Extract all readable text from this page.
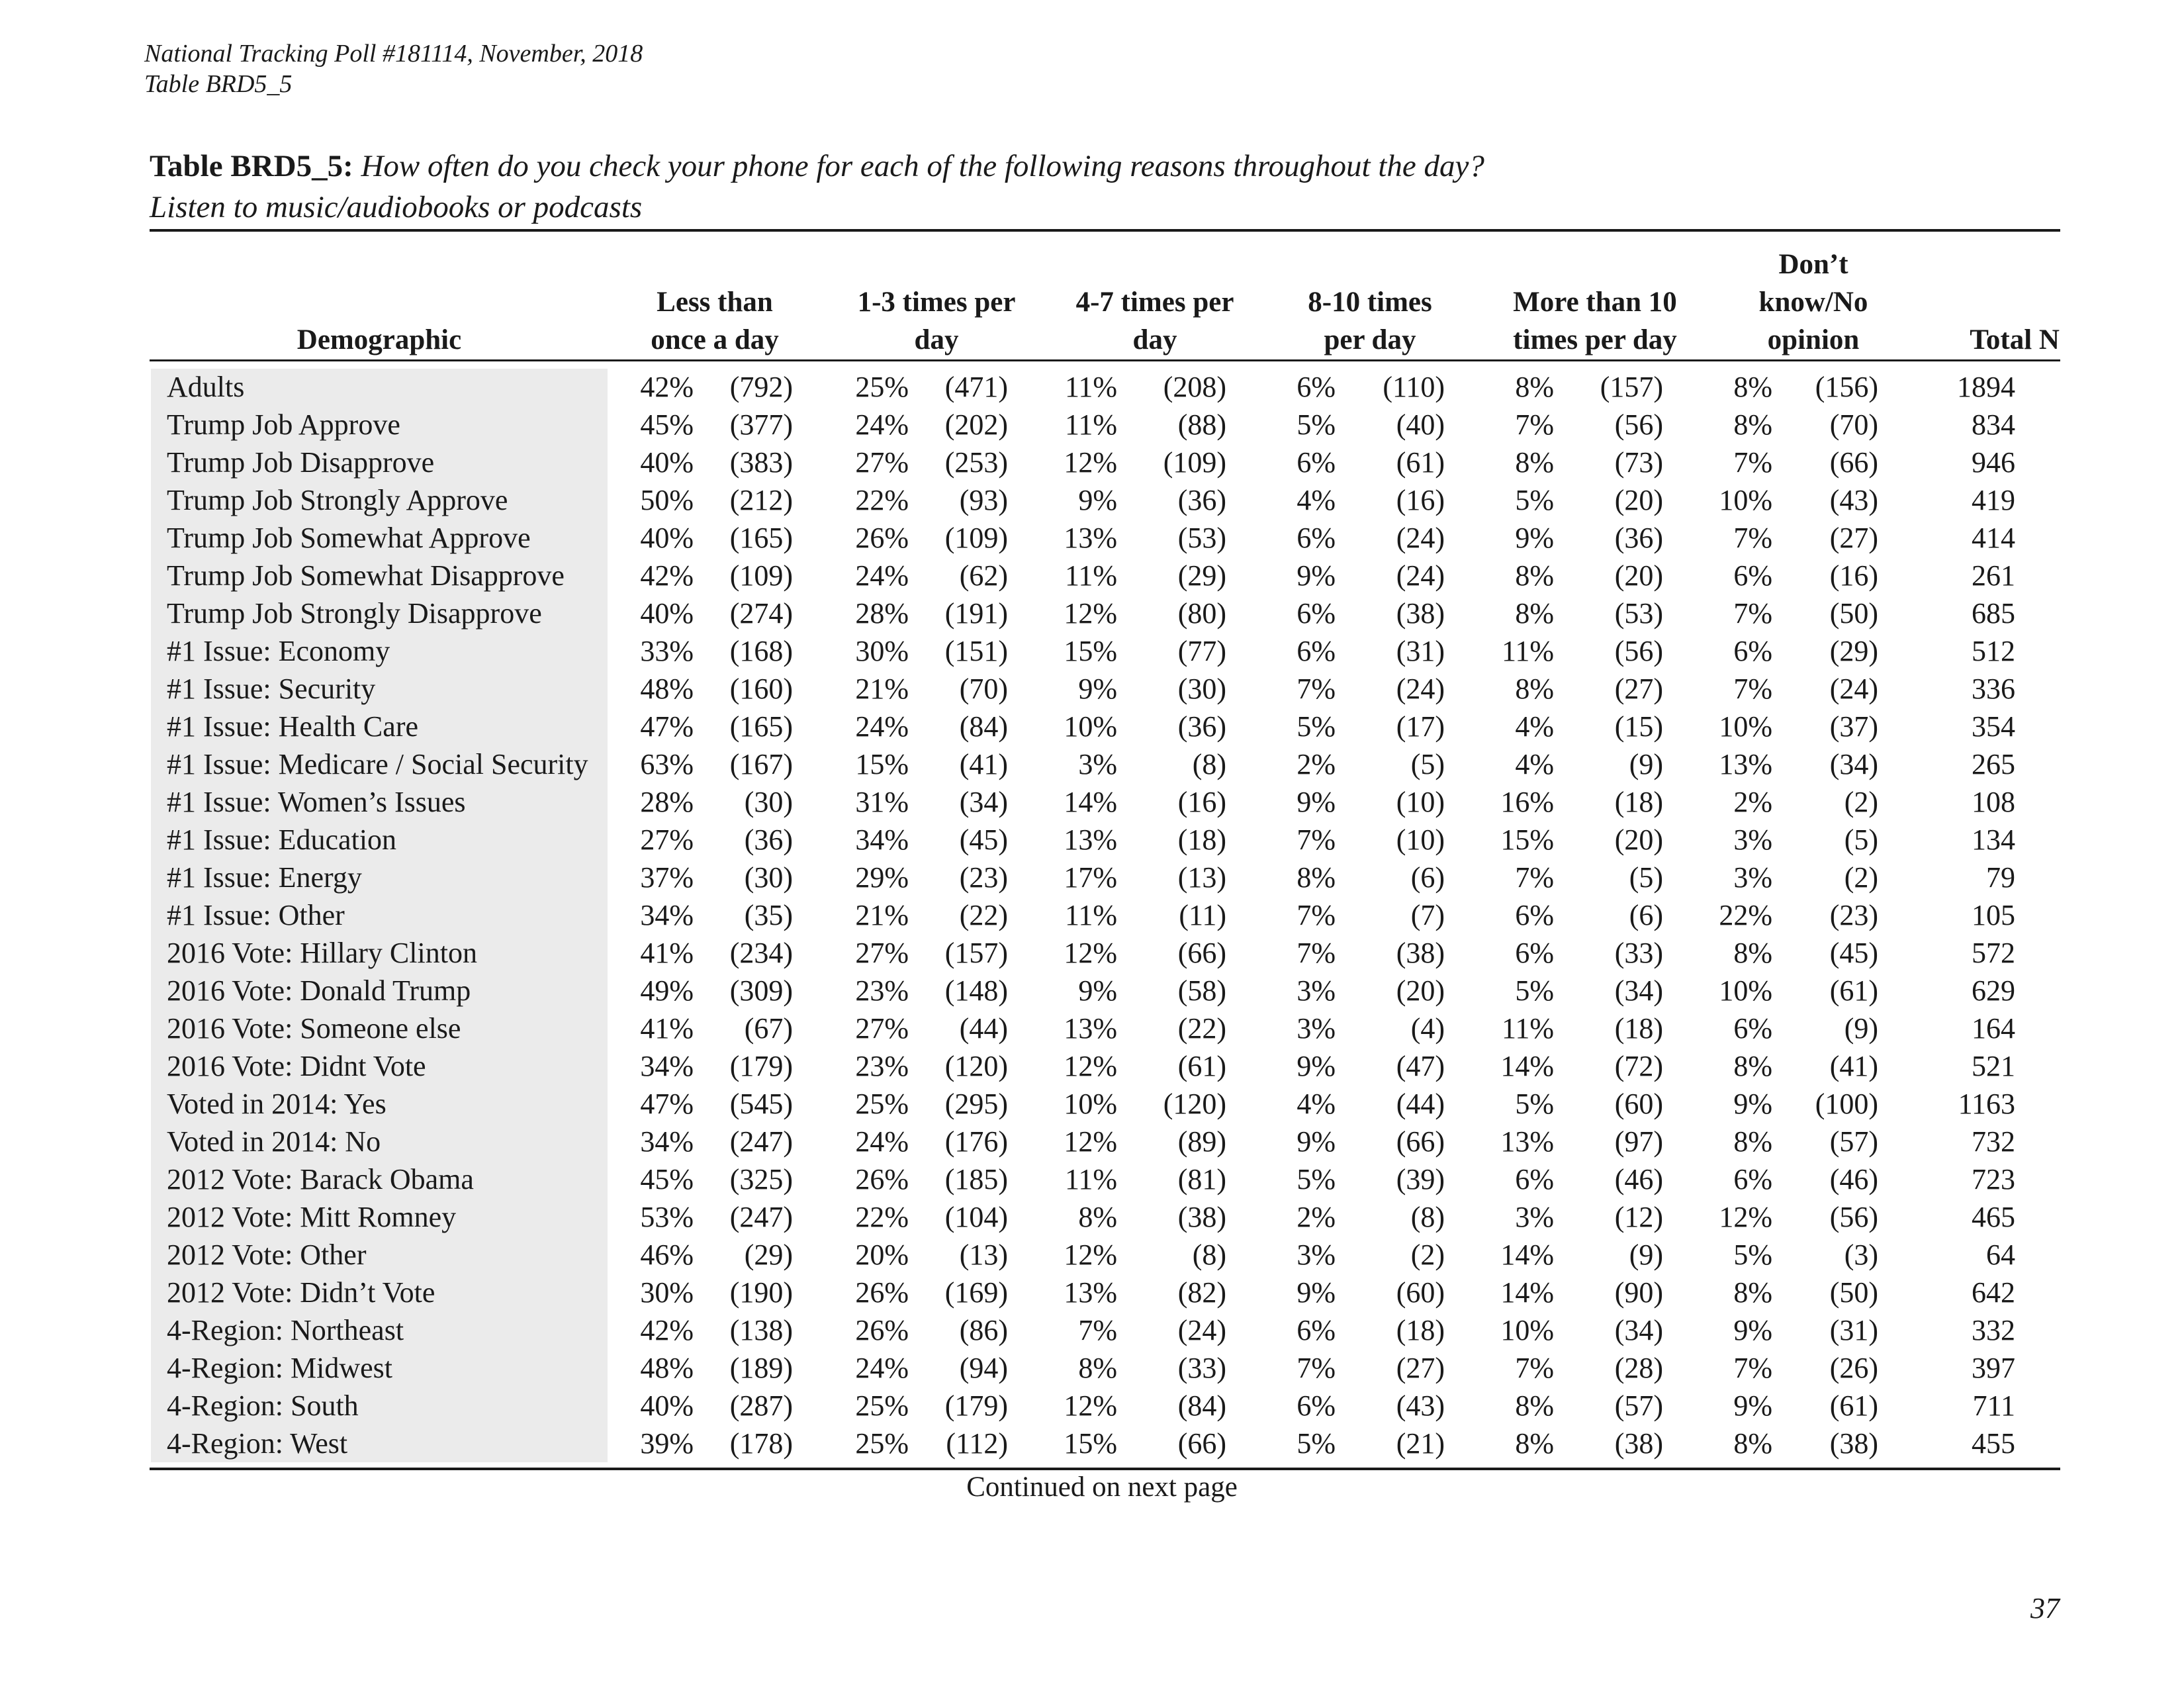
National Tracking Poll #181114, November, 2018
Table BRD5_5
Table BRD5_5: How often do you check your phone for each of the following reasons throughout the day?
Listen to music/audiobooks or podcasts
Demographic
Less than
once a day
1-3 times per
day
4-7 times per
day
8-10 times
per day
More than 10
times per day
Don’t
know/No
opinion	Total N
Adults	42%	(792)	25%	(471)	11%	(208)	6%	(110)	8%	(157)	8%	(156)	1894
Trump Job Approve	45%	(377)	24%	(202)	11%	(88)	5%	(40)	7%	(56)	8%	(70)	834
Trump Job Disapprove	40%	(383)	27%	(253)	12%	(109)	6%	(61)	8%	(73)	7%	(66)	946
Trump Job Strongly Approve	50%	(212)	22%	(93)	9%	(36)	4%	(16)	5%	(20)	10%	(43)	419
Trump Job Somewhat Approve	40%	(165)	26%	(109)	13%	(53)	6%	(24)	9%	(36)	7%	(27)	414
Trump Job Somewhat Disapprove	42%	(109)	24%	(62)	11%	(29)	9%	(24)	8%	(20)	6%	(16)	261
Trump Job Strongly Disapprove	40%	(274)	28%	(191)	12%	(80)	6%	(38)	8%	(53)	7%	(50)	685
#1 Issue: Economy	33%	(168)	30%	(151)	15%	(77)	6%	(31)	11%	(56)	6%	(29)	512
#1 Issue: Security	48%	(160)	21%	(70)	9%	(30)	7%	(24)	8%	(27)	7%	(24)	336
#1 Issue: Health Care	47%	(165)	24%	(84)	10%	(36)	5%	(17)	4%	(15)	10%	(37)	354
#1 Issue: Medicare / Social Security	63%	(167)	15%	(41)	3%	(8)	2%	(5)	4%	(9)	13%	(34)	265
#1 Issue: Women’s Issues	28%	(30)	31%	(34)	14%	(16)	9%	(10)	16%	(18)	2%	(2)	108
#1 Issue: Education	27%	(36)	34%	(45)	13%	(18)	7%	(10)	15%	(20)	3%	(5)	134
#1 Issue: Energy	37%	(30)	29%	(23)	17%	(13)	8%	(6)	7%	(5)	3%	(2)	79
#1 Issue: Other	34%	(35)	21%	(22)	11%	(11)	7%	(7)	6%	(6)	22%	(23)	105
2016 Vote: Hillary Clinton	41%	(234)	27%	(157)	12%	(66)	7%	(38)	6%	(33)	8%	(45)	572
2016 Vote: Donald Trump	49%	(309)	23%	(148)	9%	(58)	3%	(20)	5%	(34)	10%	(61)	629
2016 Vote: Someone else	41%	(67)	27%	(44)	13%	(22)	3%	(4)	11%	(18)	6%	(9)	164
2016 Vote: Didnt Vote	34%	(179)	23%	(120)	12%	(61)	9%	(47)	14%	(72)	8%	(41)	521
Voted in 2014: Yes	47%	(545)	25%	(295)	10%	(120)	4%	(44)	5%	(60)	9%	(100)	1163
Voted in 2014: No	34%	(247)	24%	(176)	12%	(89)	9%	(66)	13%	(97)	8%	(57)	732
2012 Vote: Barack Obama	45%	(325)	26%	(185)	11%	(81)	5%	(39)	6%	(46)	6%	(46)	723
2012 Vote: Mitt Romney	53%	(247)	22%	(104)	8%	(38)	2%	(8)	3%	(12)	12%	(56)	465
2012 Vote: Other	46%	(29)	20%	(13)	12%	(8)	3%	(2)	14%	(9)	5%	(3)	64
2012 Vote: Didn’t Vote	30%	(190)	26%	(169)	13%	(82)	9%	(60)	14%	(90)	8%	(50)	642
4-Region: Northeast	42%	(138)	26%	(86)	7%	(24)	6%	(18)	10%	(34)	9%	(31)	332
4-Region: Midwest	48%	(189)	24%	(94)	8%	(33)	7%	(27)	7%	(28)	7%	(26)	397
4-Region: South	40%	(287)	25%	(179)	12%	(84)	6%	(43)	8%	(57)	9%	(61)	711
4-Region: West	39%	(178)	25%	(112)	15%	(66)	5%	(21)	8%	(38)	8%	(38)	455
Continued on next page
37
